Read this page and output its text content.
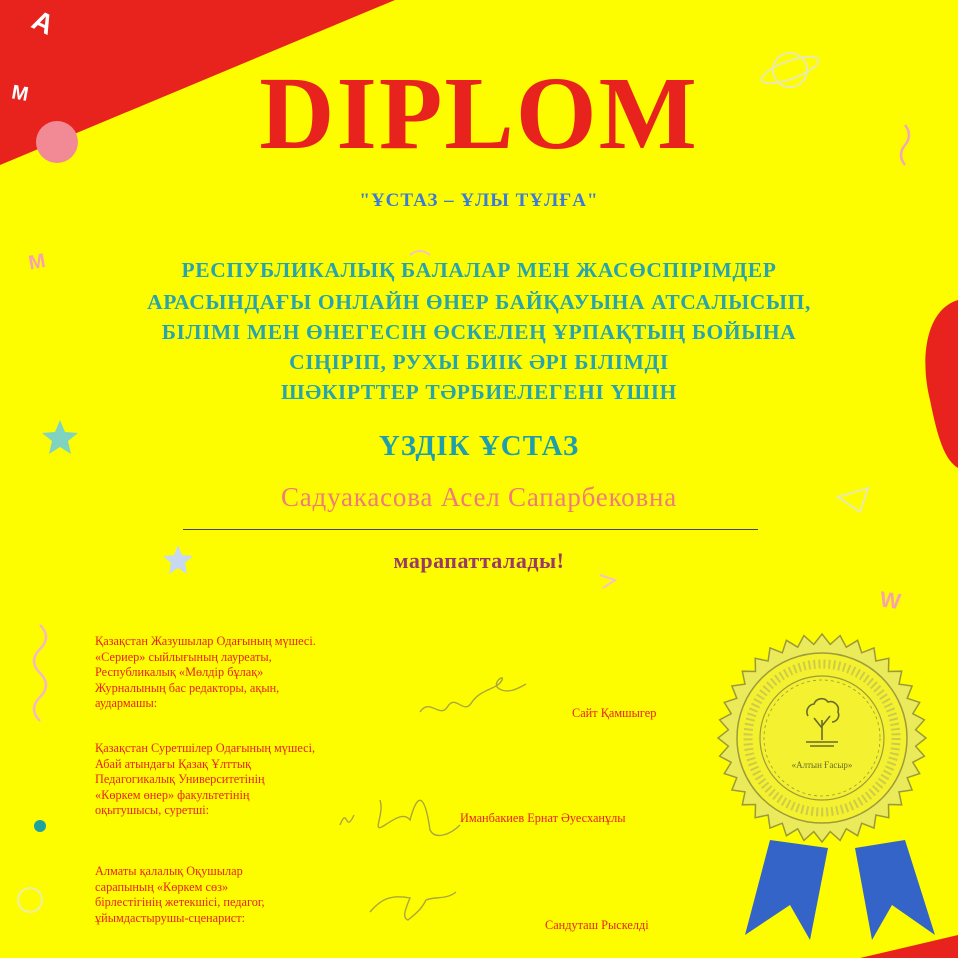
«Алтын Ғасыр»
A
M
M
W
DIPLOM
"ҰСТАЗ – ҰЛЫ ТҰЛҒА"
РЕСПУБЛИКАЛЫҚ БАЛАЛАР МЕН ЖАСӨСПІРІМДЕР
АРАСЫНДАҒЫ ОНЛАЙН ӨНЕР БАЙҚАУЫНА АТСАЛЫСЫП,
БІЛІМІ МЕН ӨНЕГЕСІН ӨСКЕЛЕҢ ҰРПАҚТЫҢ БОЙЫНА
СІҢІРІП, РУХЫ БИІК ӘРІ БІЛІМДІ
ШӘКІРТТЕР ТӘРБИЕЛЕГЕНІ ҮШІН
ҮЗДІК ҰСТАЗ
Садуакасова Асел Сапарбековна
марапатталады!
Қазақстан Жазушылар Одағының мүшесі.
«Сериер» сыйлығының лауреаты,
Республикалық «Мөлдір бұлақ»
Журналының бас редакторы, ақын,
аудармашы:
Сайт Қамшыгер
Қазақстан Суретшілер Одағының мүшесі,
Абай атындағы Қазақ Ұлттық
Педагогикалық Университетінің
«Көркем өнер» факультетінің
оқытушысы, суретші:
Иманбакиев Ернат Әуесханұлы
Алматы қалалық Оқушылар
сарапының «Көркем сөз»
бірлестігінің жетекшісі, педагог,
ұйымдастырушы-сценарист:
Сандуташ Рыскелді
